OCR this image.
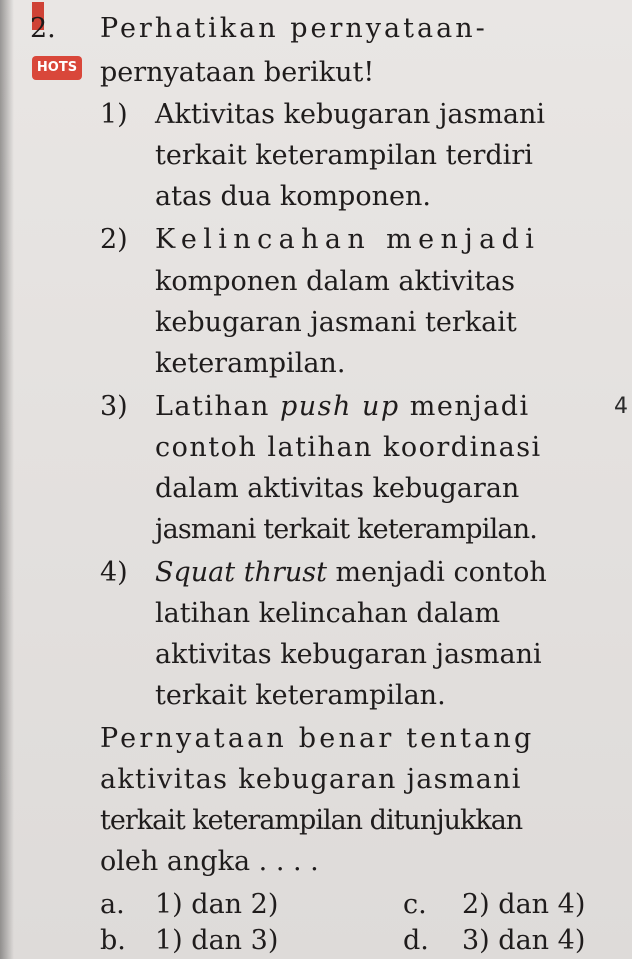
2. Perhatikan pernyataan-
HOTS pernyataan berikut!
1) Aktivitas kebugaran jasmani
terkait keterampilan terdiri
atas dua komponen.
2) Kelincahan menjadi
komponen dalam aktivitas
kebugaran jasmani terkait
keterampilan.
3) Latihan push up menjadi
contoh latihan koordinasi
dalam aktivitas kebugaran
jasmani terkait keterampilan.
4) Squat thrust menjadi contoh
latihan kelincahan dalam
aktivitas kebugaran jasmani
terkait keterampilan.
Pernyataan benar tentang
aktivitas kebugaran jasmani
terkait keterampilan ditunjukkan
oleh angka . . . .
a. 1) dan 2)	c. 2) dan 4)
b. 1) dan 3)	d. 3) dan 4)
4
